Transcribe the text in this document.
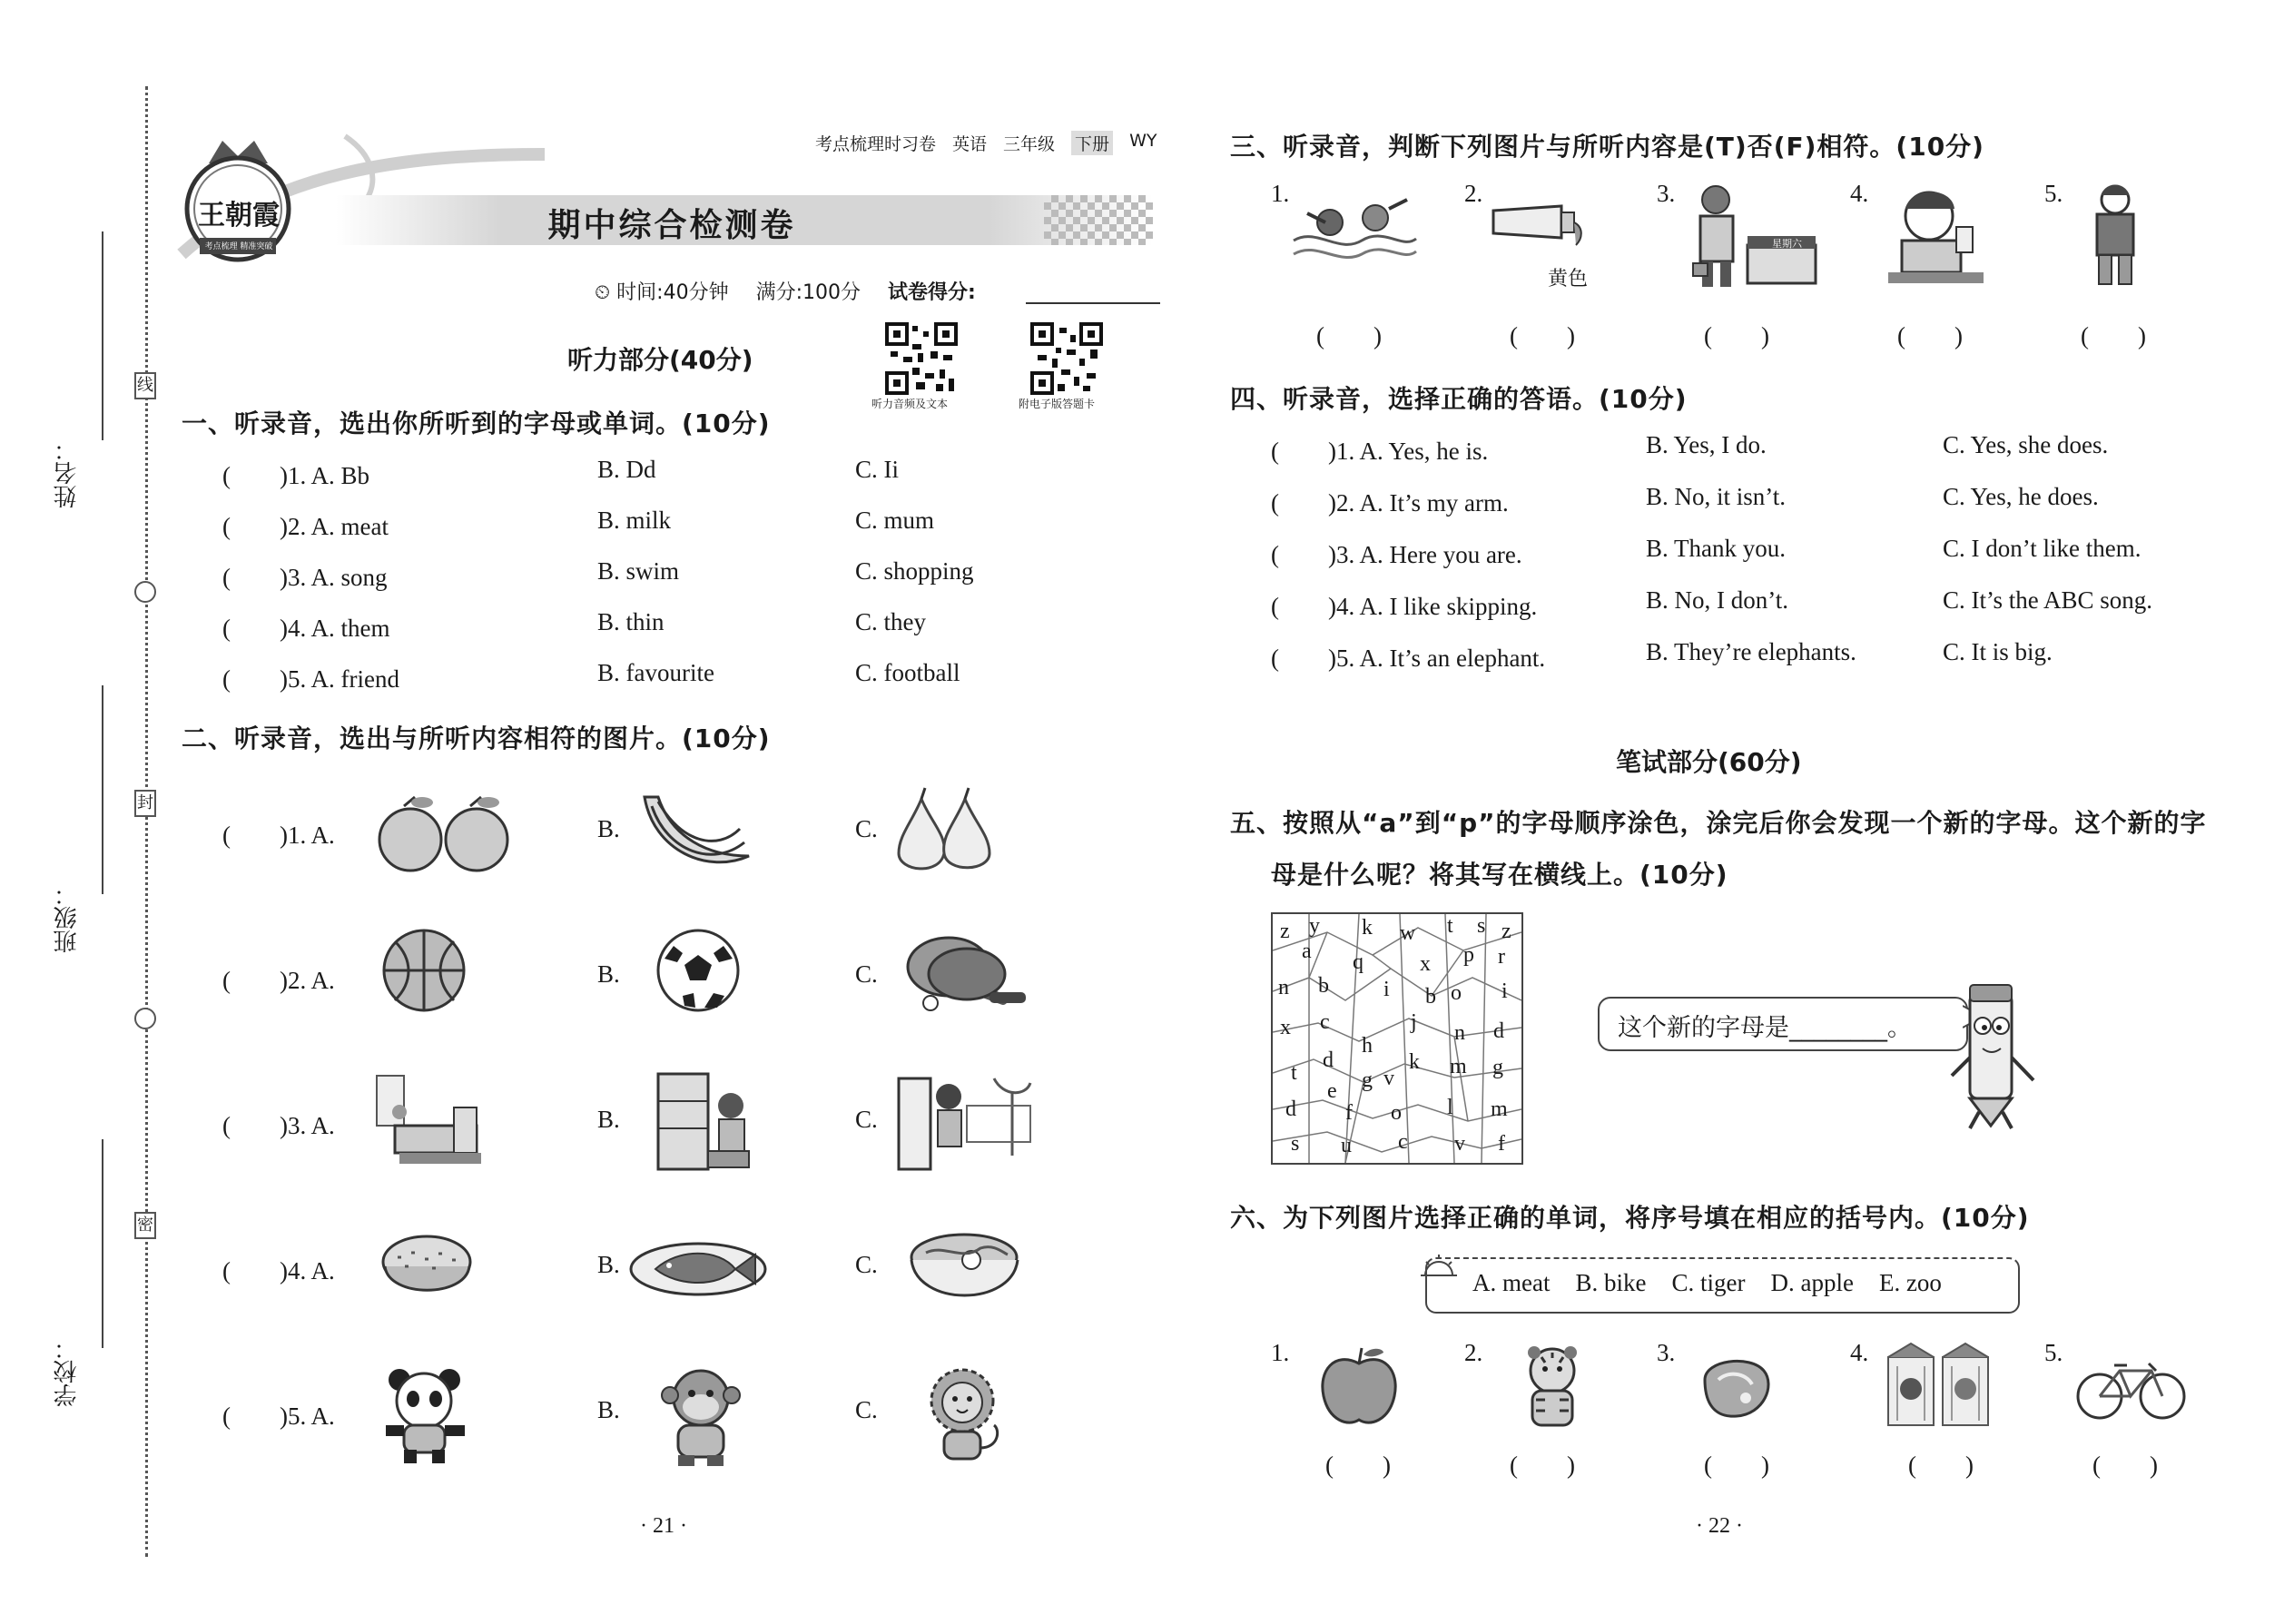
姓名：
班级：
学校：
线
封
密
王朝霞
考点梳理 精准突破
考点梳理时习卷 英语 三年级 下册 WY
期中综合检测卷
⏲ 时间:40分钟 满分:100分 试卷得分:
听力部分(40分)
听力音频及文本	附电子版答题卡
一、听录音，选出你所听到的字母或单词。(10分)
(　　)1. A. Bb	B. Dd	C. Ii
(　　)2. A. meat	B. milk	C. mum
(　　)3. A. song	B. swim	C. shopping
(　　)4. A. them	B. thin	C. they
(　　)5. A. friend	B. favourite	C. football
二、听录音，选出与所听内容相符的图片。(10分)
(　　)1. A.	B.	C.
(　　)2. A.	B.	C.
(　　)3. A.	B.	C.
(　　)4. A.	B.	C.
(　　)5. A.	B.	C.
· 21 ·
三、听录音，判断下列图片与所听内容是(T)否(F)相符。(10分)
1.	2.
黄色
3.
星期六
4.	5.
(　　)	(　　)	(　　)	(　　)	(　　)
四、听录音，选择正确的答语。(10分)
(　　)1. A. Yes, he is.	B. Yes, I do.	C. Yes, she does.
(　　)2. A. It’s my arm.	B. No, it isn’t.	C. Yes, he does.
(　　)3. A. Here you are.	B. Thank you.	C. I don’t like them.
(　　)4. A. I like skipping.	B. No, I don’t.	C. It’s the ABC song.
(　　)5. A. It’s an elephant.	B. They’re elephants.	C. It is big.
笔试部分(60分)
五、按照从“a”到“p”的字母顺序涂色，涂完后你会发现一个新的字母。这个新的字
母是什么呢？将其写在横线上。(10分)
z y k w t s z
a q	x p r
n b	i b o i
x c	j n d
h
k m g
t
d
g v
e
d f o l m
s u c v f
这个新的字母是________。
六、为下列图片选择正确的单词，将序号填在相应的括号内。(10分)
A. meat B. bike C. tiger D. apple E. zoo
1.	2.	3.	4.	5.
(　　)	(　　)	(　　)	(　　)	(　　)
· 22 ·
